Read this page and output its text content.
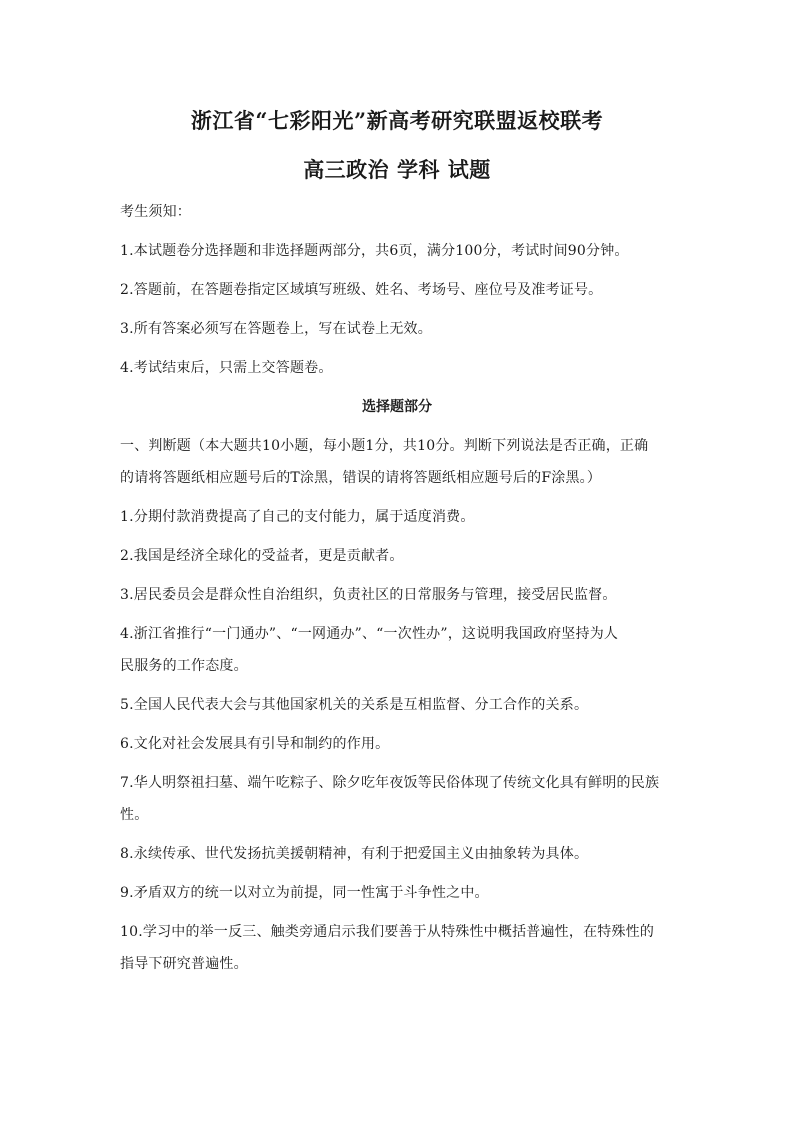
浙江省“七彩阳光”新高考研究联盟返校联考
高三政治 学科 试题
考生须知：
1.本试题卷分选择题和非选择题两部分，共6页，满分100分，考试时间90分钟。
2.答题前，在答题卷指定区域填写班级、姓名、考场号、座位号及准考证号。
3.所有答案必须写在答题卷上，写在试卷上无效。
4.考试结束后，只需上交答题卷。
选择题部分
一、判断题（本大题共10小题，每小题1分，共10分。判断下列说法是否正确，正确
的请将答题纸相应题号后的T涂黑，错误的请将答题纸相应题号后的F涂黑。）
1.分期付款消费提高了自己的支付能力，属于适度消费。
2.我国是经济全球化的受益者，更是贡献者。
3.居民委员会是群众性自治组织，负责社区的日常服务与管理，接受居民监督。
4.浙江省推行“一门通办”、“一网通办”、“一次性办”，这说明我国政府坚持为人
民服务的工作态度。
5.全国人民代表大会与其他国家机关的关系是互相监督、分工合作的关系。
6.文化对社会发展具有引导和制约的作用。
7.华人明祭祖扫墓、端午吃粽子、除夕吃年夜饭等民俗体现了传统文化具有鲜明的民族
性。
8.永续传承、世代发扬抗美援朝精神，有利于把爱国主义由抽象转为具体。
9.矛盾双方的统一以对立为前提，同一性寓于斗争性之中。
10.学习中的举一反三、触类旁通启示我们要善于从特殊性中概括普遍性，在特殊性的
指导下研究普遍性。
